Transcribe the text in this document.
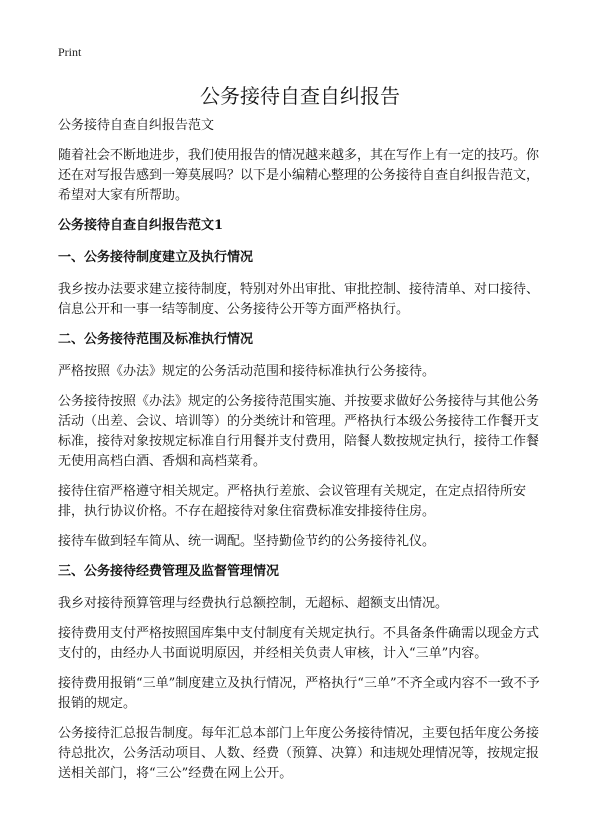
Print
公务接待自查自纠报告

公务接待自查自纠报告范文

随着社会不断地进步，我们使用报告的情况越来越多，其在写作上有一定的技巧。你还在对写报告感到一筹莫展吗？以下是小编精心整理的公务接待自查自纠报告范文，希望对大家有所帮助。

公务接待自查自纠报告范文1

一、公务接待制度建立及执行情况

我乡按办法要求建立接待制度，特别对外出审批、审批控制、接待清单、对口接待、信息公开和一事一结等制度、公务接待公开等方面严格执行。

二、公务接待范围及标准执行情况

严格按照《办法》规定的公务活动范围和接待标准执行公务接待。

公务接待按照《办法》规定的公务接待范围实施、并按要求做好公务接待与其他公务活动（出差、会议、培训等）的分类统计和管理。严格执行本级公务接待工作餐开支标准，接待对象按规定标准自行用餐并支付费用，陪餐人数按规定执行，接待工作餐无使用高档白酒、香烟和高档菜肴。

接待住宿严格遵守相关规定。严格执行差旅、会议管理有关规定，在定点招待所安排，执行协议价格。不存在超接待对象住宿费标准安排接待住房。

接待车做到轻车简从、统一调配。坚持勤俭节约的公务接待礼仪。

三、公务接待经费管理及监督管理情况

我乡对接待预算管理与经费执行总额控制，无超标、超额支出情况。

接待费用支付严格按照国库集中支付制度有关规定执行。不具备条件确需以现金方式支付的，由经办人书面说明原因，并经相关负责人审核，计入“三单”内容。

接待费用报销“三单”制度建立及执行情况，严格执行“三单”不齐全或内容不一致不予报销的规定。

公务接待汇总报告制度。每年汇总本部门上年度公务接待情况，主要包括年度公务接待总批次，公务活动项目、人数、经费（预算、决算）和违规处理情况等，按规定报送相关部门，将“三公”经费在网上公开。
